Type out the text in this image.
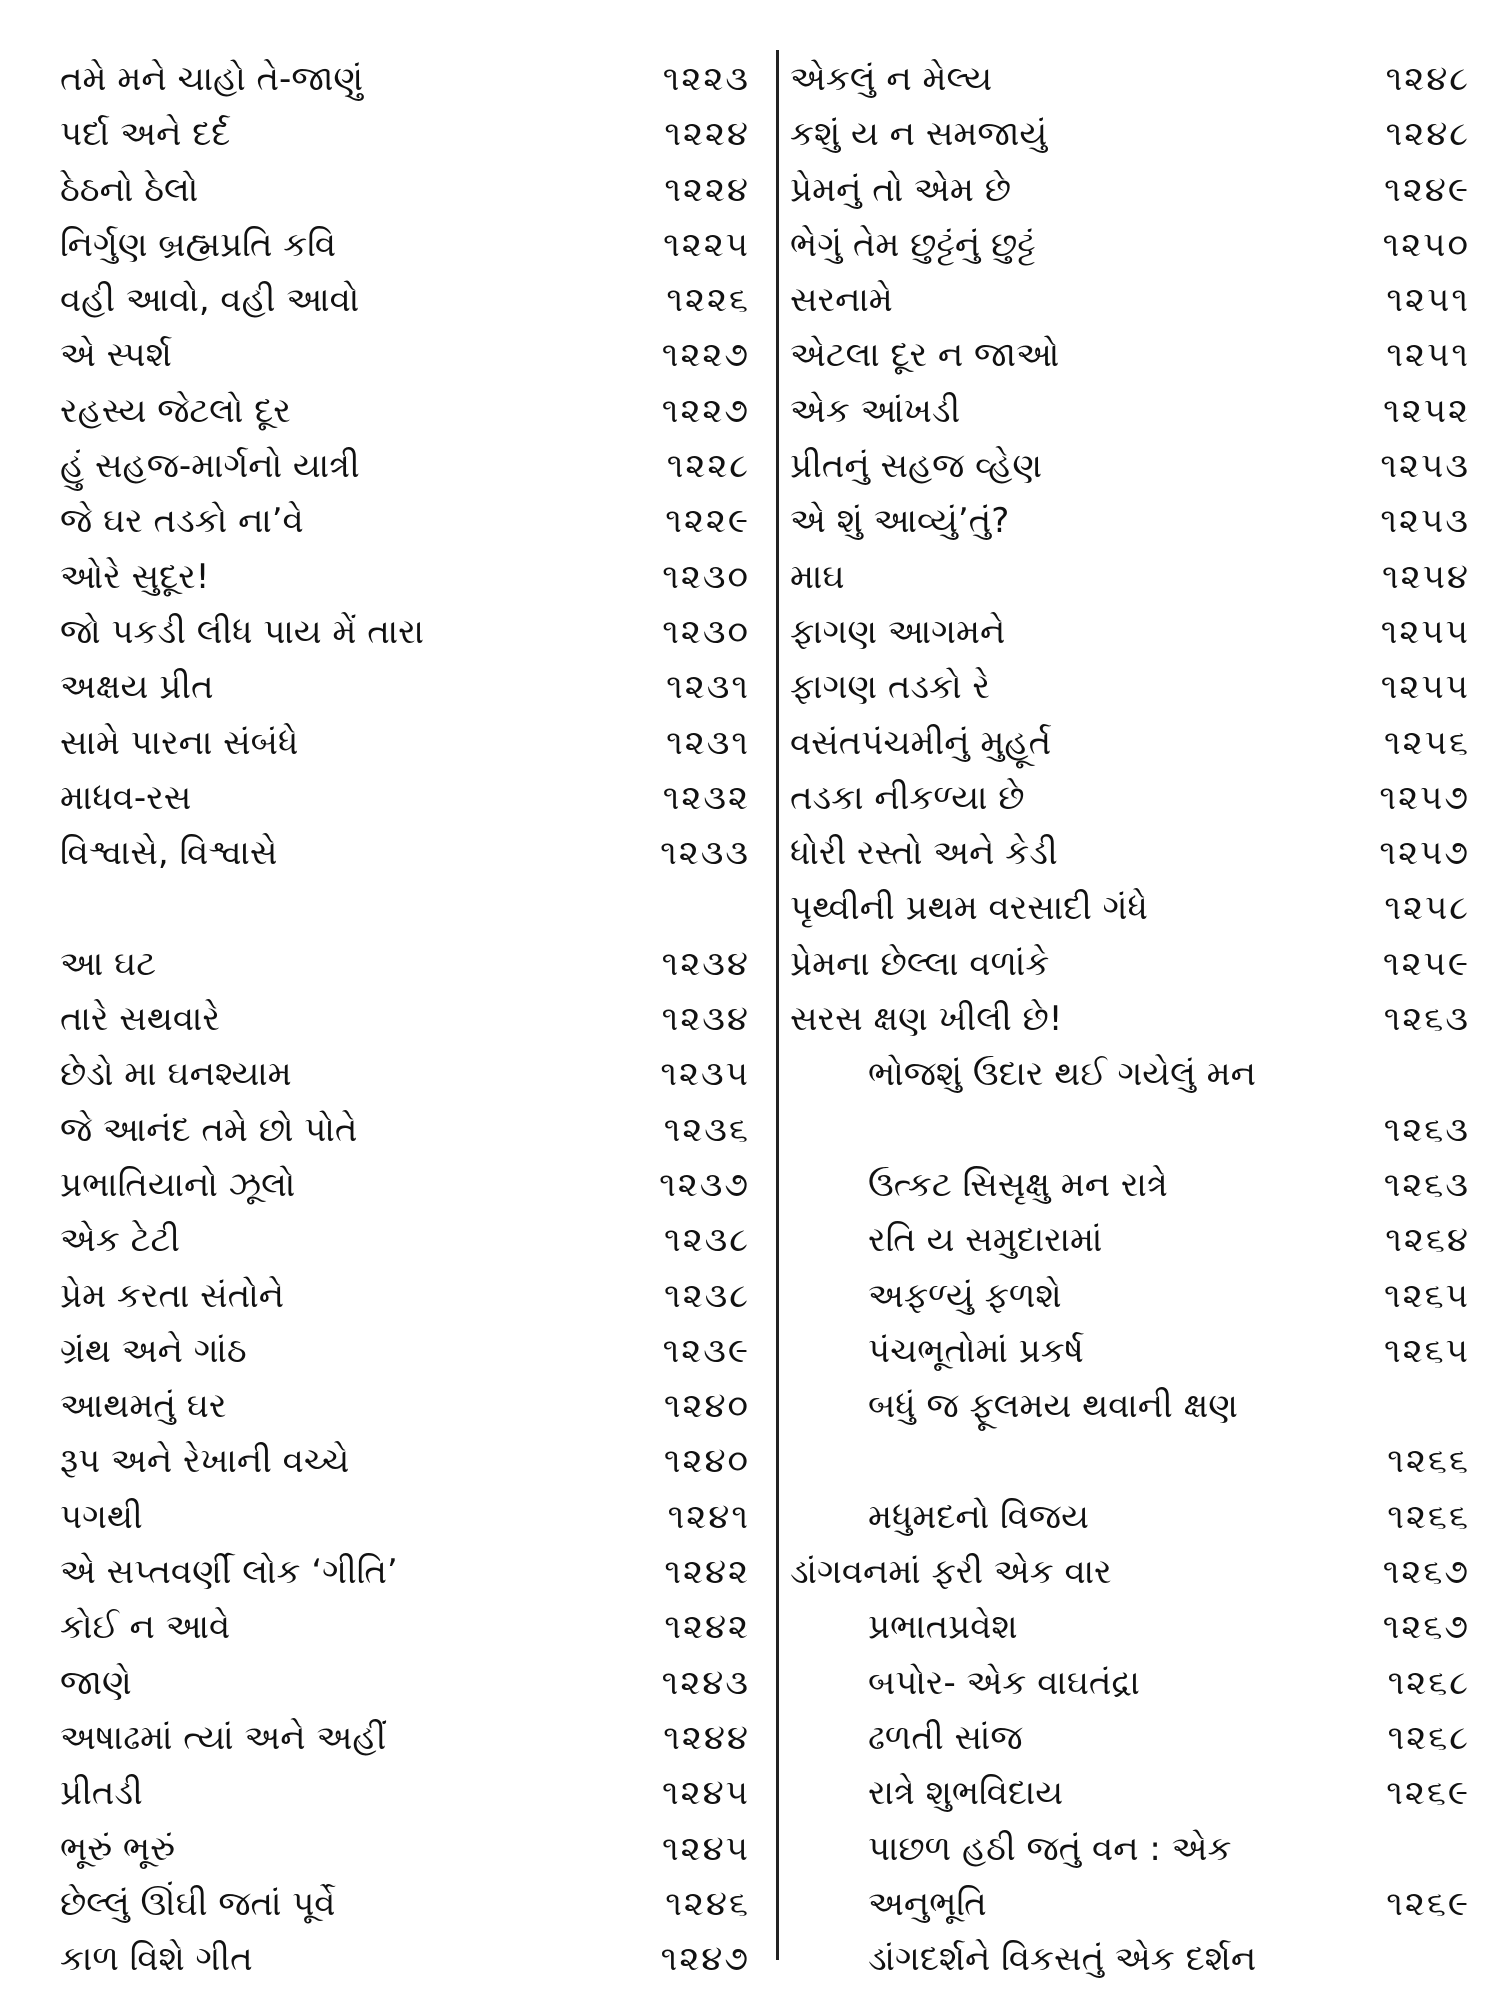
તમે મને ચાહો તે-જાણું	૧૨૨૩
પર્દા અને દર્દ	૧૨૨૪
ઠેઠનો ઠેલો	૧૨૨૪
નિર્ગુણ બ્રહ્મપ્રતિ કવિ	૧૨૨૫
વહી આવો, વહી આવો	૧૨૨૬
એ સ્પર્શ	૧૨૨૭
રહસ્ય જેટલો દૂર	૧૨૨૭
હું સહજ-માર્ગનો યાત્રી	૧૨૨૮
જે ઘર તડકો ના’વે	૧૨૨૯
ઓરે સુદૂર!	૧૨૩૦
જો પકડી લીધ પાય મેં તારા	૧૨૩૦
અક્ષય પ્રીત	૧૨૩૧
સામે પારના સંબંધે	૧૨૩૧
માધવ-રસ	૧૨૩૨
વિશ્વાસે, વિશ્વાસે	૧૨૩૩
આ ઘટ	૧૨૩૪
તારે સથવારે	૧૨૩૪
છેડો મા ઘનશ્યામ	૧૨૩૫
જે આનંદ તમે છો પોતે	૧૨૩૬
પ્રભાતિયાનો ઝૂલો	૧૨૩૭
એક ટેટી	૧૨૩૮
પ્રેમ કરતા સંતોને	૧૨૩૮
ગ્રંથ અને ગાંઠ	૧૨૩૯
આથમતું ઘર	૧૨૪૦
રૂપ અને રેખાની વચ્ચે	૧૨૪૦
પગથી	૧૨૪૧
એ સપ્તવર્ણી લોક ‘ગીતિ’	૧૨૪૨
કોઈ ન આવે	૧૨૪૨
જાણે	૧૨૪૩
અષાઢમાં ત્યાં અને અહીં	૧૨૪૪
પ્રીતડી	૧૨૪૫
ભૂરું ભૂરું	૧૨૪૫
છેલ્લું ઊંઘી જતાં પૂર્વે	૧૨૪૬
કાળ વિશે ગીત	૧૨૪૭
એકલું ન મેલ્ય	૧૨૪૮
કશું ય ન સમજાયું	૧૨૪૮
પ્રેમનું તો એમ છે	૧૨૪૯
ભેગું તેમ છુટ્ટંનું છુટ્ટં	૧૨૫૦
સરનામે	૧૨૫૧
એટલા દૂર ન જાઓ	૧૨૫૧
એક આંખડી	૧૨૫૨
પ્રીતનું સહજ વ્હેણ	૧૨૫૩
એ શું આવ્યું’તું?	૧૨૫૩
માઘ	૧૨૫૪
ફાગણ આગમને	૧૨૫૫
ફાગણ તડકો રે	૧૨૫૫
વસંતપંચમીનું મુહૂર્ત	૧૨૫૬
તડકા નીકળ્યા છે	૧૨૫૭
ધોરી રસ્તો અને કેડી	૧૨૫૭
પૃથ્વીની પ્રથમ વરસાદી ગંધે	૧૨૫૮
પ્રેમના છેલ્લા વળાંકે	૧૨૫૯
સરસ ક્ષણ ખીલી છે!	૧૨૬૩
ભોજશું ઉદાર થઈ ગયેલું મન
૧૨૬૩
ઉત્કટ સિસૃક્ષુ મન રાત્રે	૧૨૬૩
રતિ ય સમુદારામાં	૧૨૬૪
અફળ્યું ફળશે	૧૨૬૫
પંચભૂતોમાં પ્રકર્ષ	૧૨૬૫
બધું જ ફૂલમય થવાની ક્ષણ
૧૨૬૬
મધુમદનો વિજય	૧૨૬૬
ડાંગવનમાં ફરી એક વાર	૧૨૬૭
પ્રભાતપ્રવેશ	૧૨૬૭
બપોર- એક વાઘતંદ્રા	૧૨૬૮
ઢળતી સાંજ	૧૨૬૮
રાત્રે શુભવિદાય	૧૨૬૯
પાછળ હઠી જતું વન : એક
અનુભૂતિ	૧૨૬૯
ડાંગદર્શને વિકસતું એક દર્શન
